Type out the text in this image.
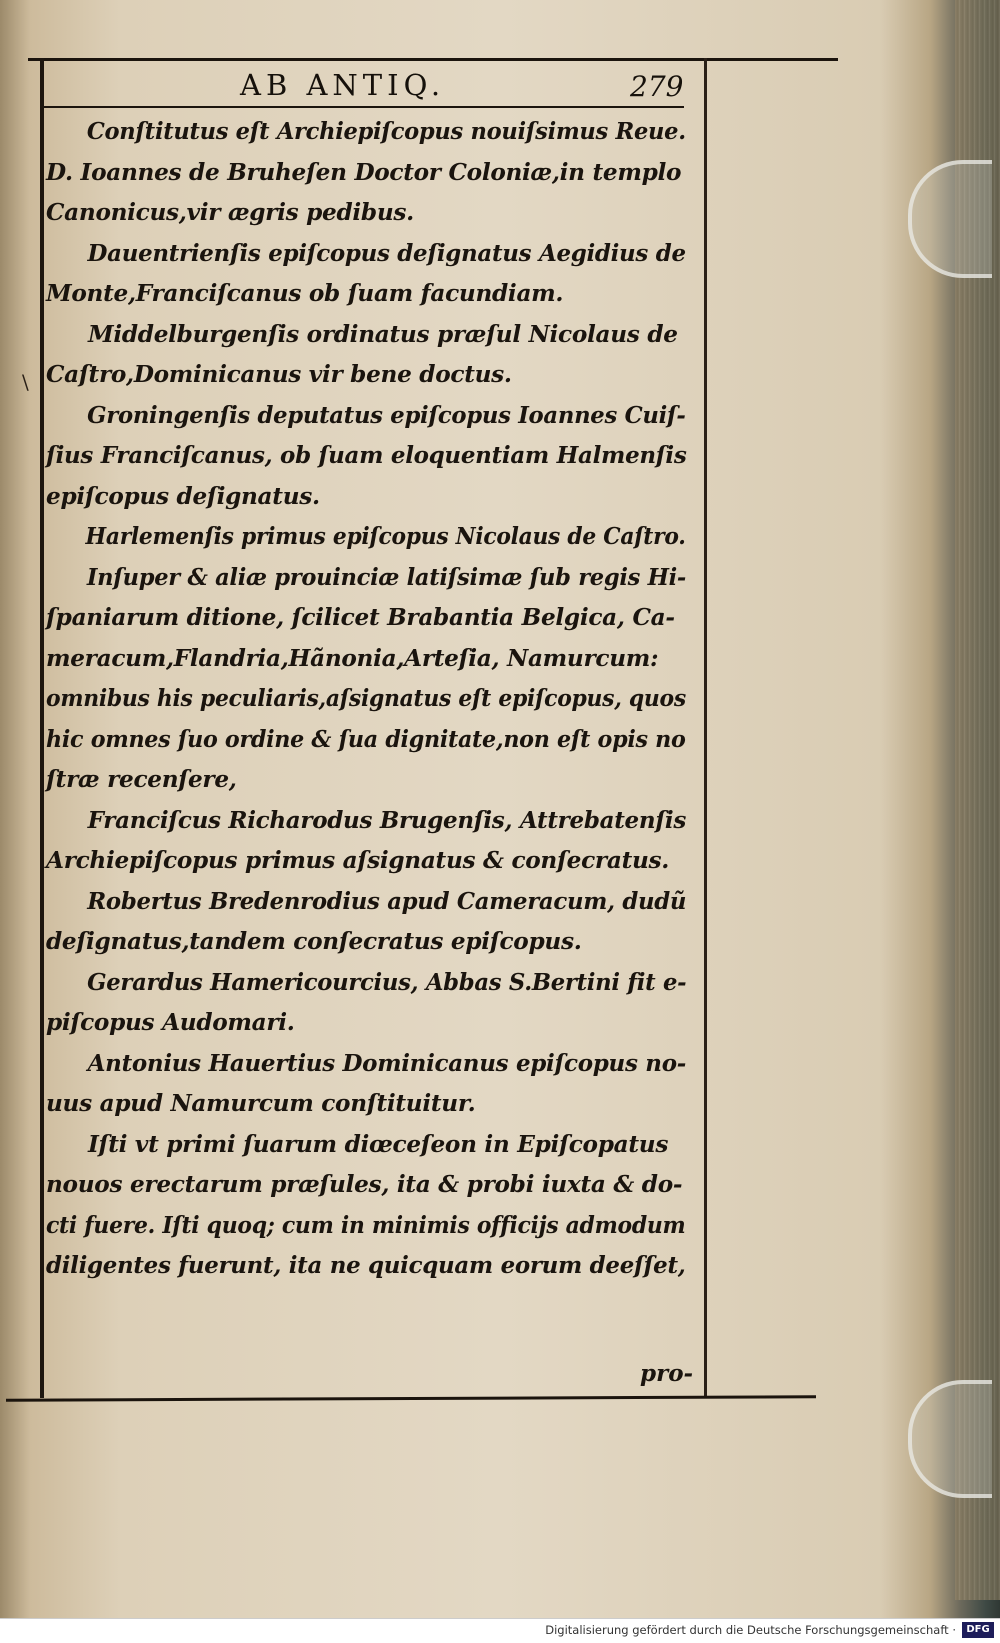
AB ANTIQ.	279
\
Conſtitutus eſt Archiepiſcopus nouiſsimus Reue.
D. Ioannes de Bruheſen Doctor Coloniæ,in templo
Canonicus,vir ægris pedibus.
Dauentrienſis epiſcopus deſignatus Aegidius de
Monte,Franciſcanus ob ſuam facundiam.
Middelburgenſis ordinatus præſul Nicolaus de
Caſtro,Dominicanus vir bene doctus.
Groningenſis deputatus epiſcopus Ioannes Cuiſ-
ſius Franciſcanus, ob ſuam eloquentiam Halmenſis
epiſcopus deſignatus.
Harlemenſis primus epiſcopus Nicolaus de Caſtro.
Inſuper & aliæ prouinciæ latiſsimæ ſub regis Hi-
ſpaniarum ditione, ſcilicet Brabantia Belgica, Ca-
meracum,Flandria,Hãnonia,Arteſia, Namurcum:
omnibus his peculiaris,aſsignatus eſt epiſcopus, quos
hic omnes ſuo ordine & ſua dignitate,non eſt opis no
ſtræ recenſere,
Franciſcus Richarodus Brugenſis, Attrebatenſis
Archiepiſcopus primus aſsignatus & conſecratus.
Robertus Bredenrodius apud Cameracum, dudũ
deſignatus,tandem conſecratus epiſcopus.
Gerardus Hamericourcius, Abbas S.Bertini fit e-
piſcopus Audomari.
Antonius Hauertius Dominicanus epiſcopus no-
uus apud Namurcum conſtituitur.
Iſti vt primi ſuarum diœceſeon in Epiſcopatus
nouos erectarum præſules, ita & probi iuxta & do-
cti fuere. Iſti quoq; cum in minimis officijs admodum
diligentes fuerunt, ita ne quicquam eorum deeſſet,
pro-
Digitalisierung gefördert durch die Deutsche Forschungsgemeinschaft ·	DFG
